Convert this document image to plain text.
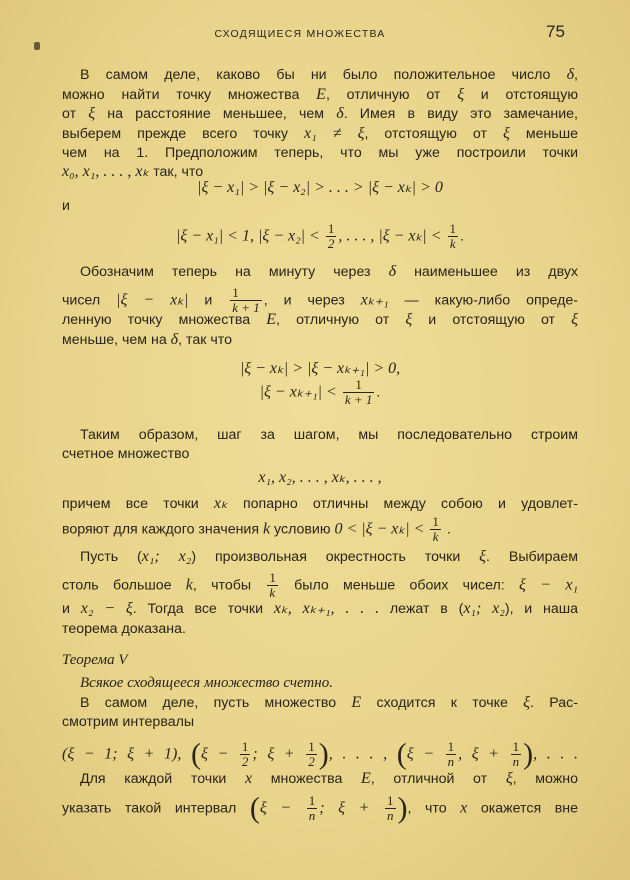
СХОДЯЩИЕСЯ МНОЖЕСТВА	75
В самом деле, каково бы ни было положительное число δ,
можно найти точку множества E, отличную от ξ и отстоящую
от ξ на расстояние меньшее, чем δ. Имея в виду это замечание,
выберем прежде всего точку x₁ ≠ ξ, отстоящую от ξ меньше
чем на 1. Предположим теперь, что мы уже построили точки
x₀, x₁, . . . , xₖ так, что
|ξ − x₁| > |ξ − x₂| > . . . > |ξ − xₖ| > 0
и
|ξ − x₁| < 1, $|\xi - x_2| < \frac{1}{2}$ , . . . , $|\xi - x_k| < \frac{1}{k}$ .
Обозначим теперь на минуту через δ наименьшее из двух
чисел |ξ − xₖ| и $\frac{1}{k + 1}$ , и через xₖ₊₁ — какую-либо опреде-
ленную точку множества E, отличную от ξ и отстоящую от ξ
меньше, чем на δ, так что
|ξ − xₖ| > |ξ − xₖ₊₁| > 0,
$|\xi - x_{k+1}| < \frac{1}{k + 1}$ .
Таким образом, шаг за шагом, мы последовательно строим
счетное множество
x₁, x₂, . . . , xₖ, . . . ,
причем все точки xₖ попарно отличны между собою и удовлет-
воряют для каждого значения k условию $0 < |\xi - x_k| < \frac{1}{k}$ .
Пусть (x₁; x₂) произвольная окрестность точки ξ. Выбираем
столь большое k, чтобы $\frac{1}{k}$ было меньше обоих чисел: ξ − x₁
и x₂ − ξ. Тогда все точки xₖ, xₖ₊₁, . . . лежат в (x₁; x₂), и наша
теорема доказана.
Теорема V
Всякое сходящееся множество счетно.
В самом деле, пусть множество E сходится к точке ξ. Рас-
смотрим интервалы
(ξ − 1; ξ + 1), ($\xi - \frac{1}{2}$ ; $\xi + \frac{1}{2}$ ), . . . , ($\xi - \frac{1}{n}$ , $\xi + \frac{1}{n}$ ), . . .
Для каждой точки x множества E, отличной от ξ, можно
указать такой интервал ($\xi - \frac{1}{n}$ ; $\xi + \frac{1}{n}$ ), что x окажется вне
